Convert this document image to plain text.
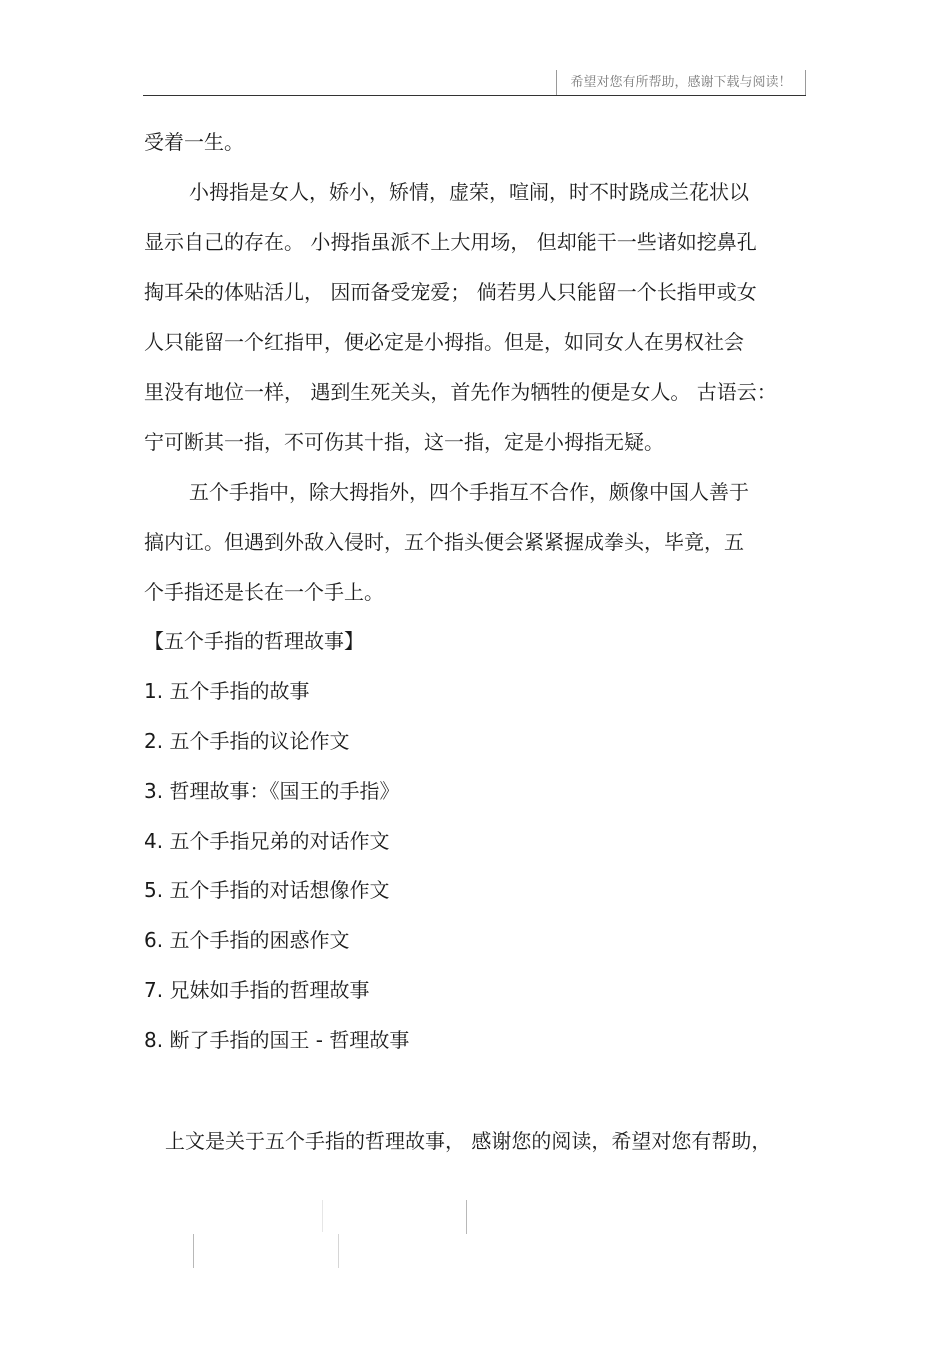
希望对您有所帮助，感谢下载与阅读！
受着一生。
小拇指是女人，娇小，矫情，虚荣，喧闹，时不时跷成兰花状以
显示自己的存在。 小拇指虽派不上大用场， 但却能干一些诸如挖鼻孔
掏耳朵的体贴活儿， 因而备受宠爱； 倘若男人只能留一个长指甲或女
人只能留一个红指甲，便必定是小拇指。但是，如同女人在男权社会
里没有地位一样， 遇到生死关头，首先作为牺牲的便是女人。 古语云：
宁可断其一指，不可伤其十指，这一指，定是小拇指无疑。
五个手指中，除大拇指外，四个手指互不合作，颇像中国人善于
搞内讧。但遇到外敌入侵时，五个指头便会紧紧握成拳头，毕竟，五
个手指还是长在一个手上。
【五个手指的哲理故事】
1. 五个手指的故事
2. 五个手指的议论作文
3. 哲理故事：《国王的手指》
4. 五个手指兄弟的对话作文
5. 五个手指的对话想像作文
6. 五个手指的困惑作文
7. 兄妹如手指的哲理故事
8. 断了手指的国王 - 哲理故事
上文是关于五个手指的哲理故事， 感谢您的阅读，希望对您有帮助，
